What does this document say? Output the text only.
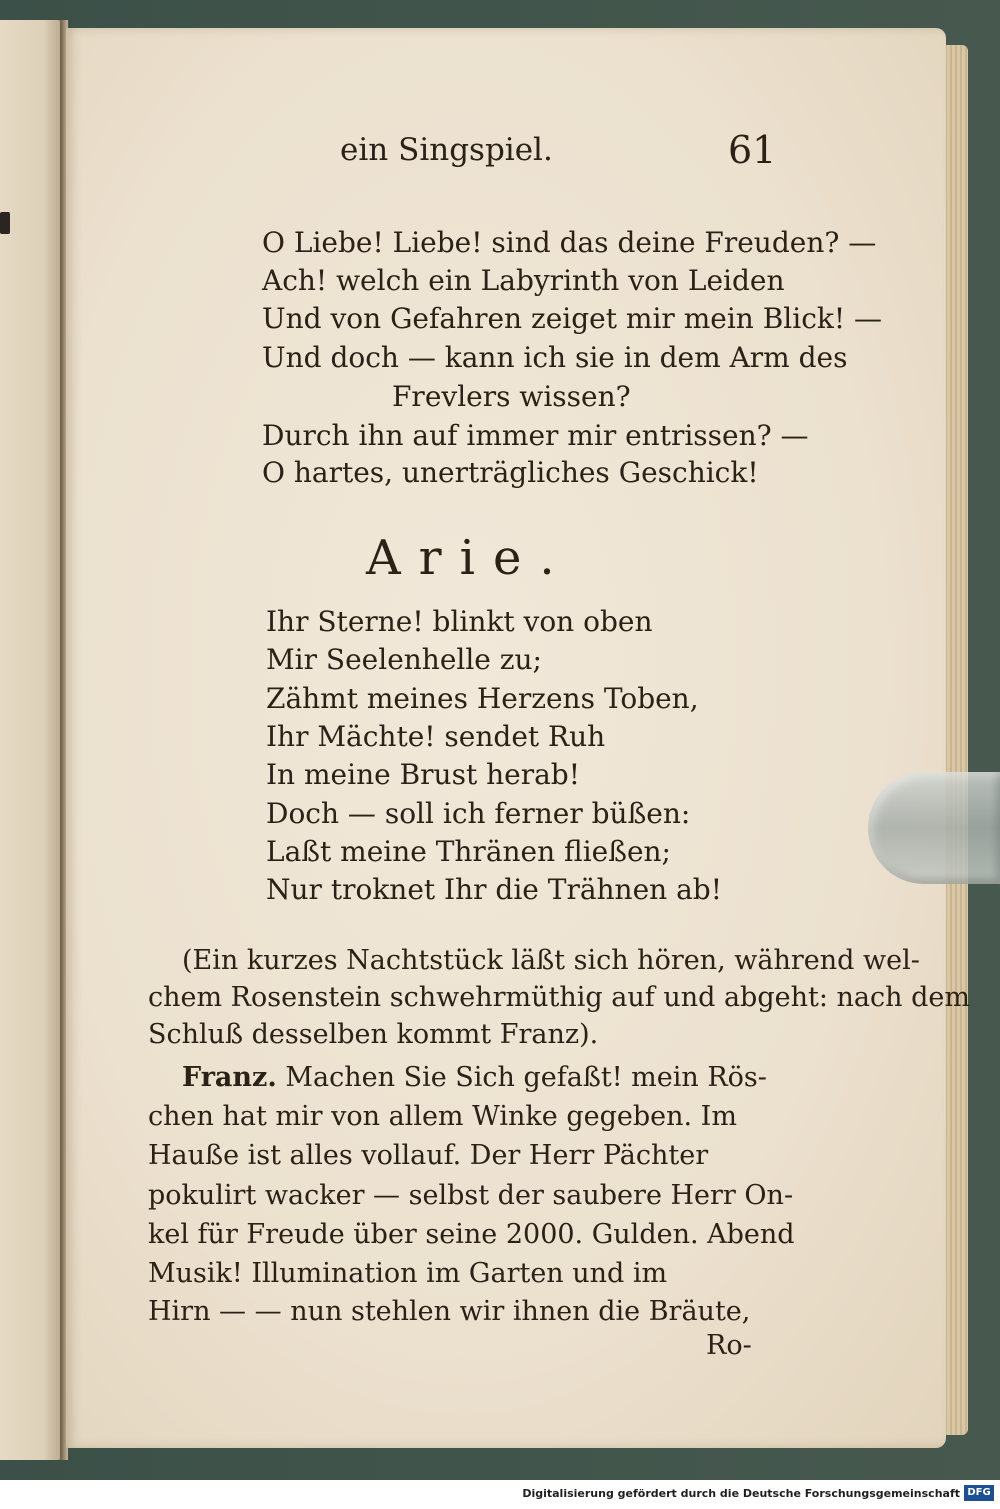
ein Singspiel.	61
O Liebe! Liebe! sind das deine Freuden? —
Ach! welch ein Labyrinth von Leiden
Und von Gefahren zeiget mir mein Blick! —
Und doch — kann ich sie in dem Arm des
Frevlers wissen?
Durch ihn auf immer mir entrissen? —
O hartes, unerträgliches Geschick!
Arie.
Ihr Sterne! blinkt von oben
Mir Seelenhelle zu;
Zähmt meines Herzens Toben,
Ihr Mächte! sendet Ruh
In meine Brust herab!
Doch — soll ich ferner büßen:
Laßt meine Thränen fließen;
Nur troknet Ihr die Trähnen ab!
(Ein kurzes Nachtstück läßt sich hören, während wel-
chem Rosenstein schwehrmüthig auf und abgeht: nach dem
Schluß desselben kommt Franz).
Franz. Machen Sie Sich gefaßt! mein Rös-
chen hat mir von allem Winke gegeben. Im
Hauße ist alles vollauf. Der Herr Pächter
pokulirt wacker — selbst der saubere Herr On-
kel für Freude über seine 2000. Gulden. Abend
Musik! Illumination im Garten und im
Hirn — — nun stehlen wir ihnen die Bräute,
Ro-
Digitalisierung gefördert durch die Deutsche Forschungsgemeinschaft DFG
